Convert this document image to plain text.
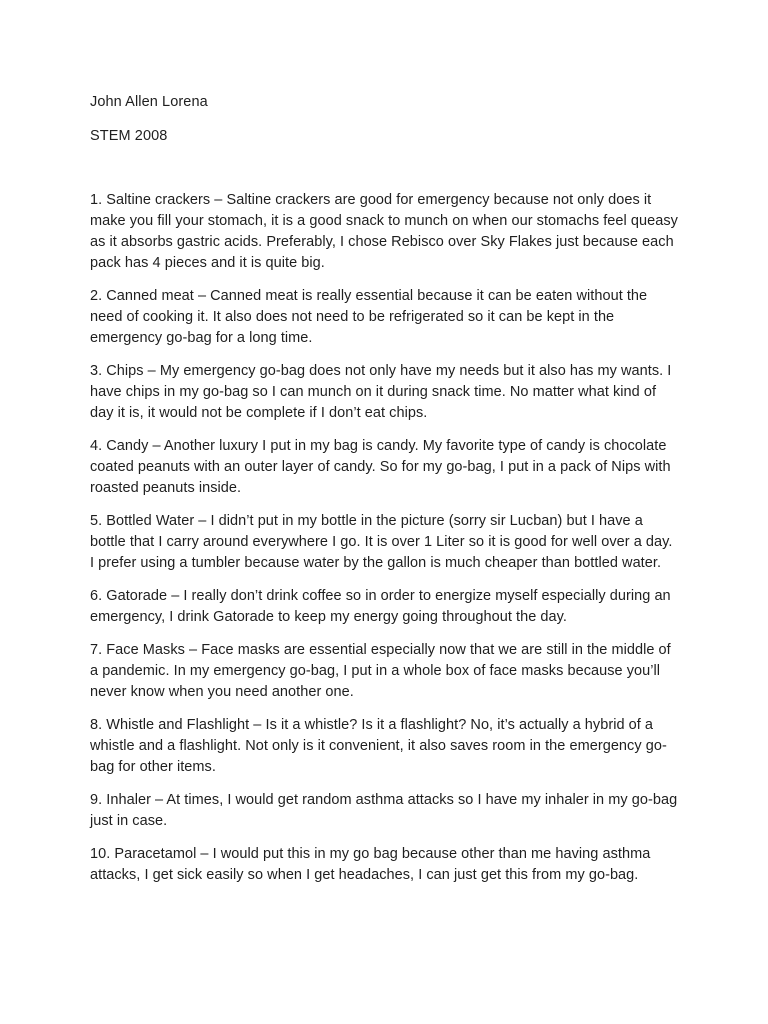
John Allen Lorena

STEM 2008

1. Saltine crackers – Saltine crackers are good for emergency because not only does it make you fill your stomach, it is a good snack to munch on when our stomachs feel queasy as it absorbs gastric acids. Preferably, I chose Rebisco over Sky Flakes just because each pack has 4 pieces and it is quite big.

2. Canned meat – Canned meat is really essential because it can be eaten without the need of cooking it. It also does not need to be refrigerated so it can be kept in the emergency go-bag for a long time.

3. Chips – My emergency go-bag does not only have my needs but it also has my wants. I have chips in my go-bag so I can munch on it during snack time. No matter what kind of day it is, it would not be complete if I don’t eat chips.

4. Candy – Another luxury I put in my bag is candy. My favorite type of candy is chocolate coated peanuts with an outer layer of candy. So for my go-bag, I put in a pack of Nips with roasted peanuts inside.

5. Bottled Water – I didn’t put in my bottle in the picture (sorry sir Lucban) but I have a bottle that I carry around everywhere I go. It is over 1 Liter so it is good for well over a day. I prefer using a tumbler because water by the gallon is much cheaper than bottled water.

6. Gatorade – I really don’t drink coffee so in order to energize myself especially during an emergency, I drink Gatorade to keep my energy going throughout the day.

7. Face Masks – Face masks are essential especially now that we are still in the middle of a pandemic. In my emergency go-bag, I put in a whole box of face masks because you’ll never know when you need another one.

8. Whistle and Flashlight – Is it a whistle? Is it a flashlight? No, it’s actually a hybrid of a whistle and a flashlight. Not only is it convenient, it also saves room in the emergency go-bag for other items.

9. Inhaler – At times, I would get random asthma attacks so I have my inhaler in my go-bag just in case.

10. Paracetamol – I would put this in my go bag because other than me having asthma attacks, I get sick easily so when I get headaches, I can just get this from my go-bag.
